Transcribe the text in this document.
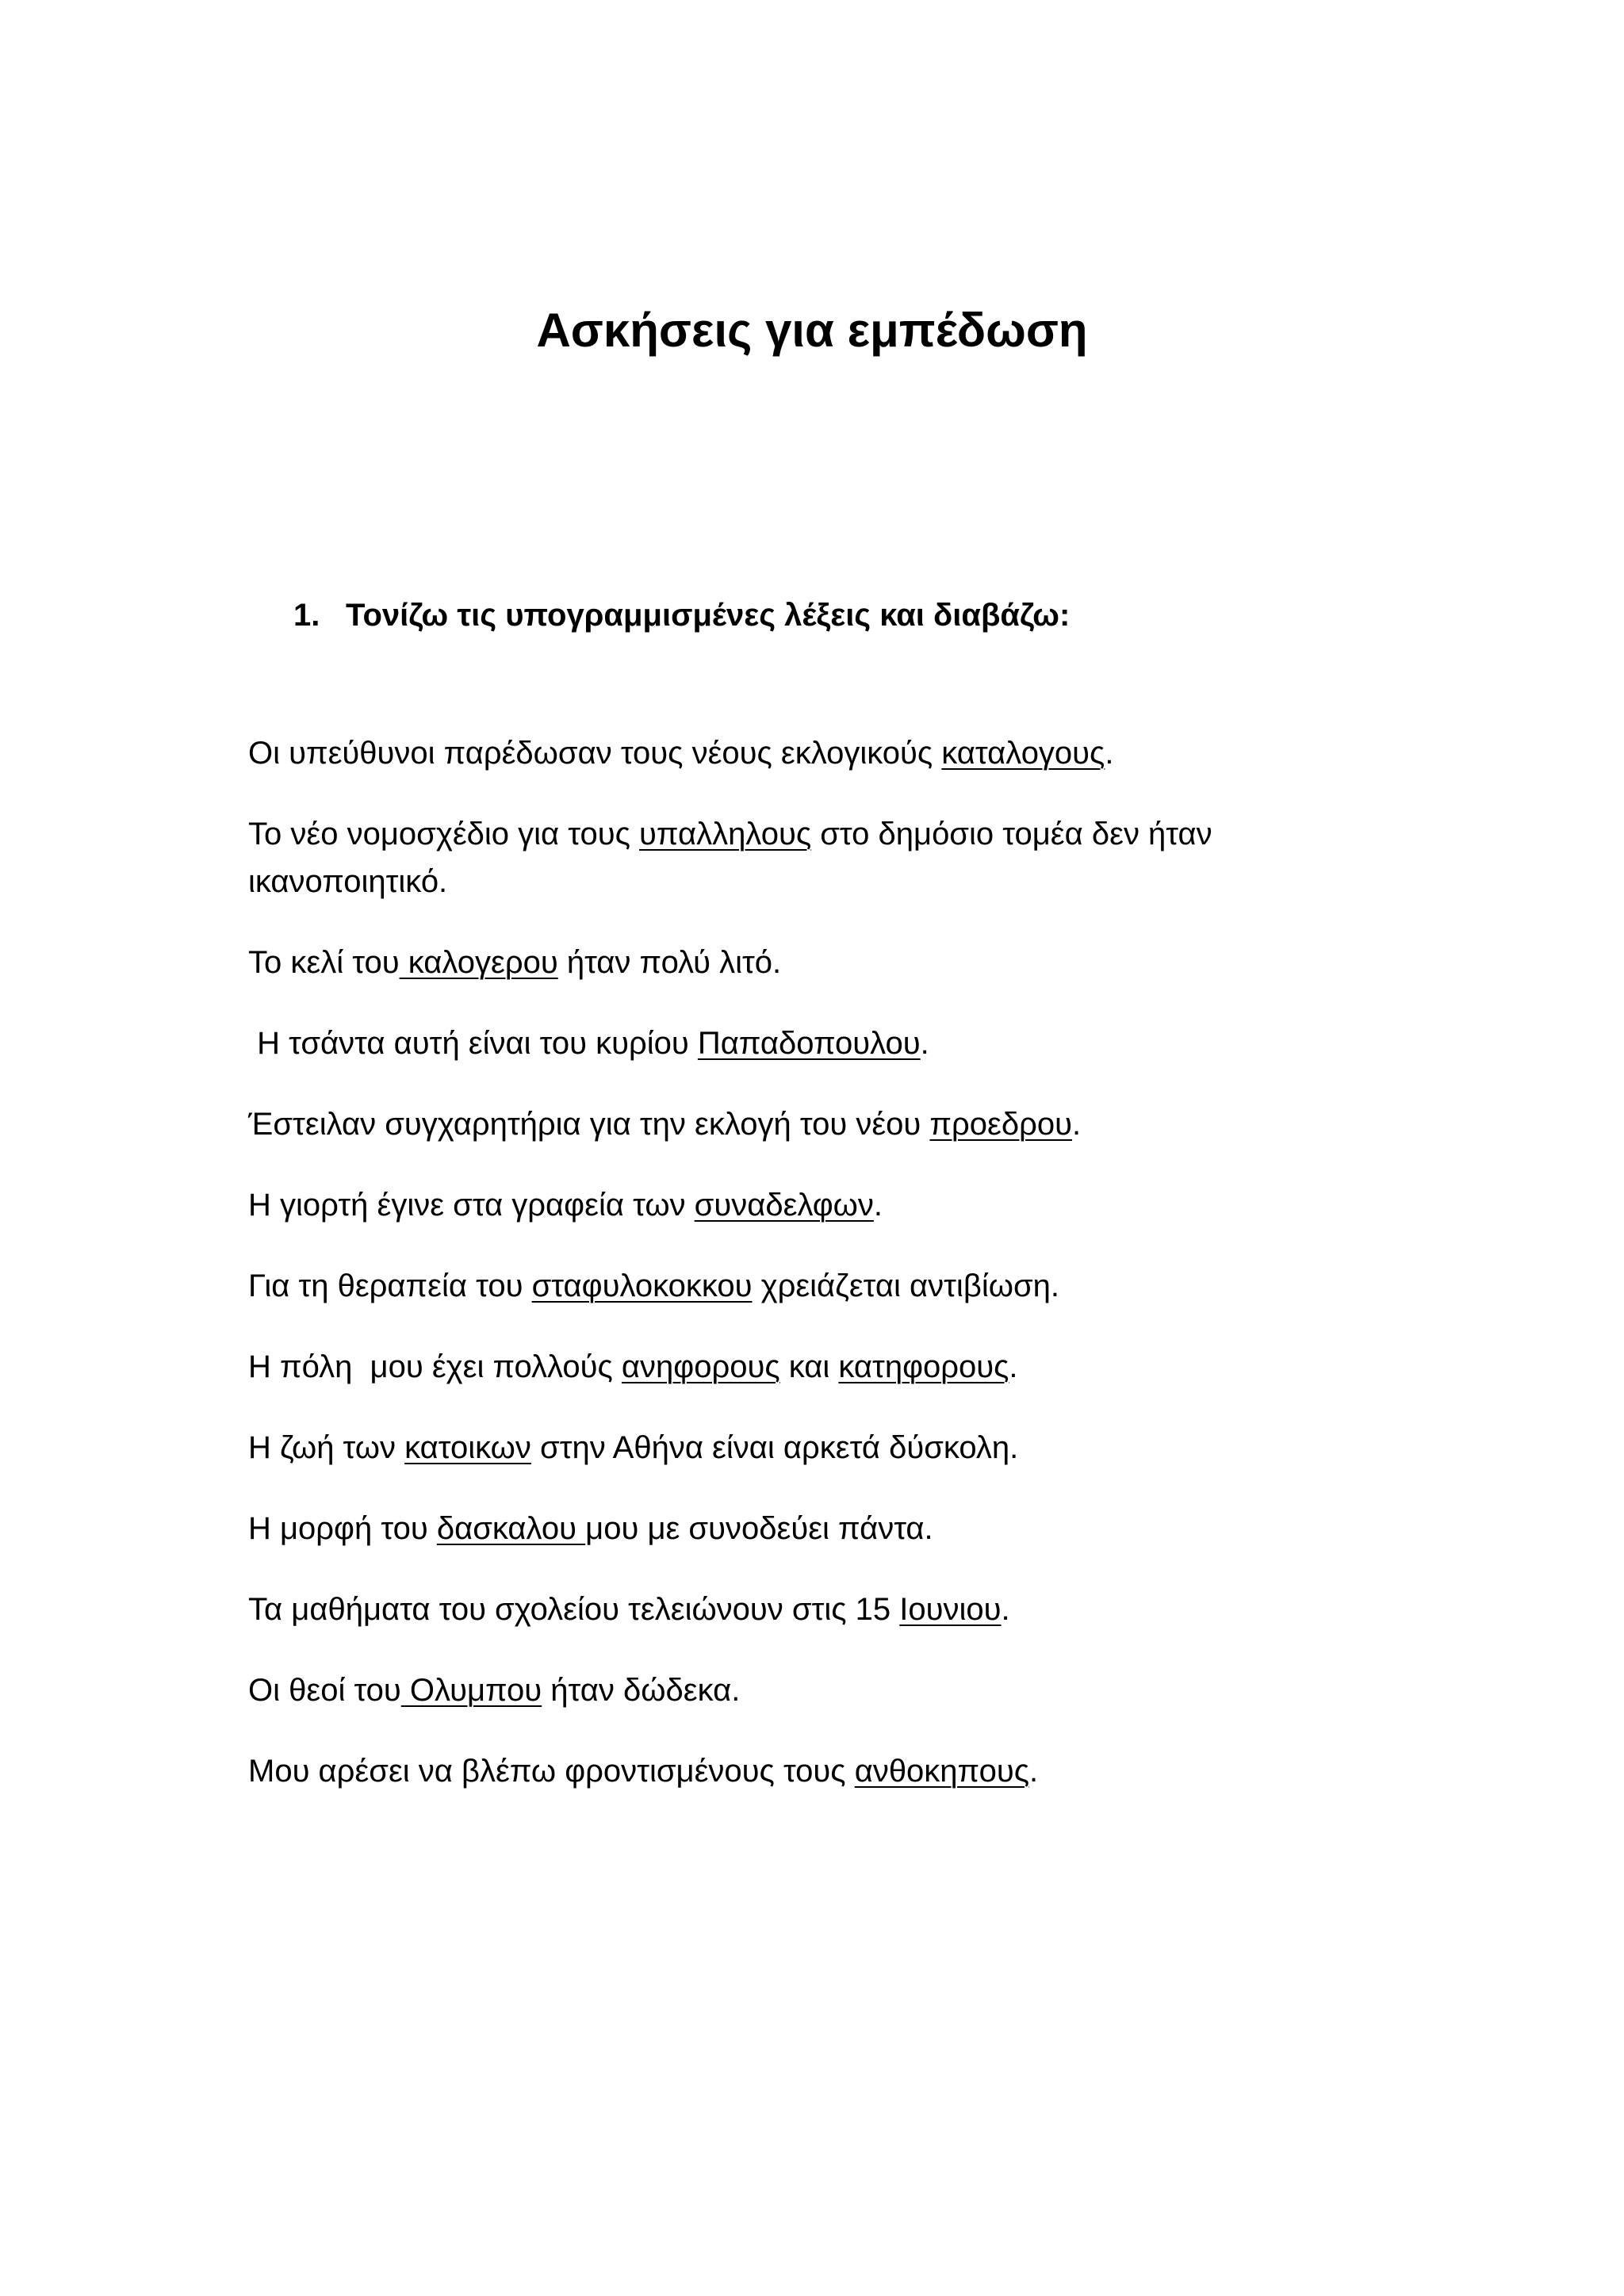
Ασκήσεις για εμπέδωση

1. Τονίζω τις υπογραμμισμένες λέξεις και διαβάζω:

Οι υπεύθυνοι παρέδωσαν τους νέους εκλογικούς καταλογους.
Το νέο νομοσχέδιο για τους υπαλληλους στο δημόσιο τομέα δεν ήταν ικανοποιητικό.
Το κελί του καλογερου ήταν πολύ λιτό.
Η τσάντα αυτή είναι του κυρίου Παπαδοπουλου.
Έστειλαν συγχαρητήρια για την εκλογή του νέου προεδρου.
Η γιορτή έγινε στα γραφεία των συναδελφων.
Για τη θεραπεία του σταφυλοκοκκου χρειάζεται αντιβίωση.
Η πόλη  μου έχει πολλούς ανηφορους και κατηφορους.
Η ζωή των κατοικων στην Αθήνα είναι αρκετά δύσκολη.
Η μορφή του δασκαλου μου με συνοδεύει πάντα.
Τα μαθήματα του σχολείου τελειώνουν στις 15 Ιουνιου.
Οι θεοί του Ολυμπου ήταν δώδεκα.
Μου αρέσει να βλέπω φροντισμένους τους ανθοκηπους.
